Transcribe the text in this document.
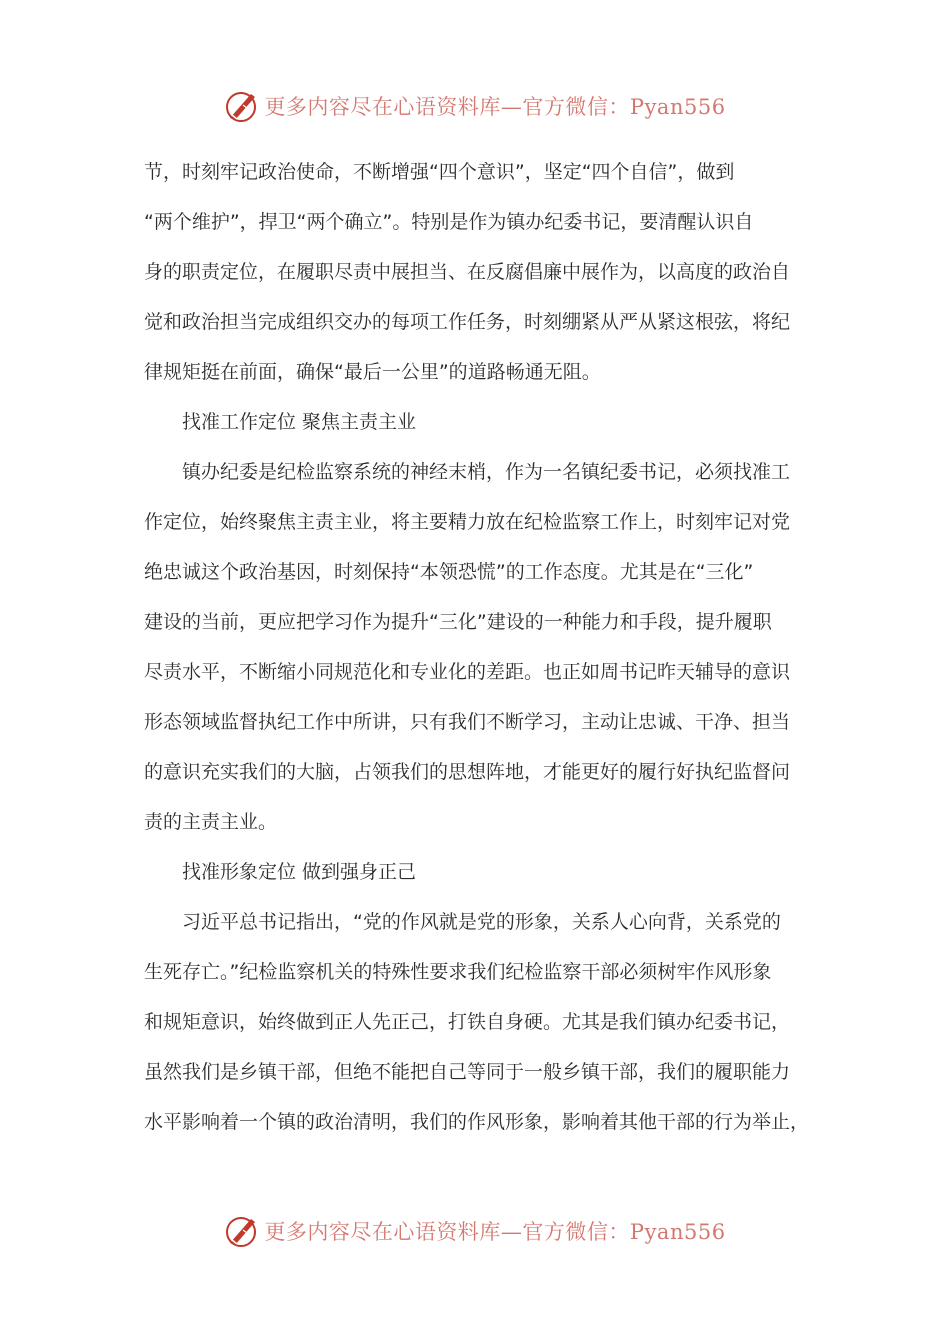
更多内容尽在心语资料库—官方微信：Pyan556
节，时刻牢记政治使命，不断增强“四个意识”，坚定“四个自信”，做到
“两个维护”，捍卫“两个确立”。特别是作为镇办纪委书记，要清醒认识自
身的职责定位，在履职尽责中展担当、在反腐倡廉中展作为，以高度的政治自
觉和政治担当完成组织交办的每项工作任务，时刻绷紧从严从紧这根弦，将纪
律规矩挺在前面，确保“最后一公里”的道路畅通无阻。
找准工作定位 聚焦主责主业
镇办纪委是纪检监察系统的神经末梢，作为一名镇纪委书记，必须找准工
作定位，始终聚焦主责主业，将主要精力放在纪检监察工作上，时刻牢记对党
绝忠诚这个政治基因，时刻保持“本领恐慌”的工作态度。尤其是在“三化”
建设的当前，更应把学习作为提升“三化”建设的一种能力和手段，提升履职
尽责水平，不断缩小同规范化和专业化的差距。也正如周书记昨天辅导的意识
形态领域监督执纪工作中所讲，只有我们不断学习，主动让忠诚、干净、担当
的意识充实我们的大脑，占领我们的思想阵地，才能更好的履行好执纪监督问
责的主责主业。
找准形象定位 做到强身正己
习近平总书记指出，“党的作风就是党的形象，关系人心向背，关系党的
生死存亡。”纪检监察机关的特殊性要求我们纪检监察干部必须树牢作风形象
和规矩意识，始终做到正人先正己，打铁自身硬。尤其是我们镇办纪委书记，
虽然我们是乡镇干部，但绝不能把自己等同于一般乡镇干部，我们的履职能力
水平影响着一个镇的政治清明，我们的作风形象，影响着其他干部的行为举止，
更多内容尽在心语资料库—官方微信：Pyan556
